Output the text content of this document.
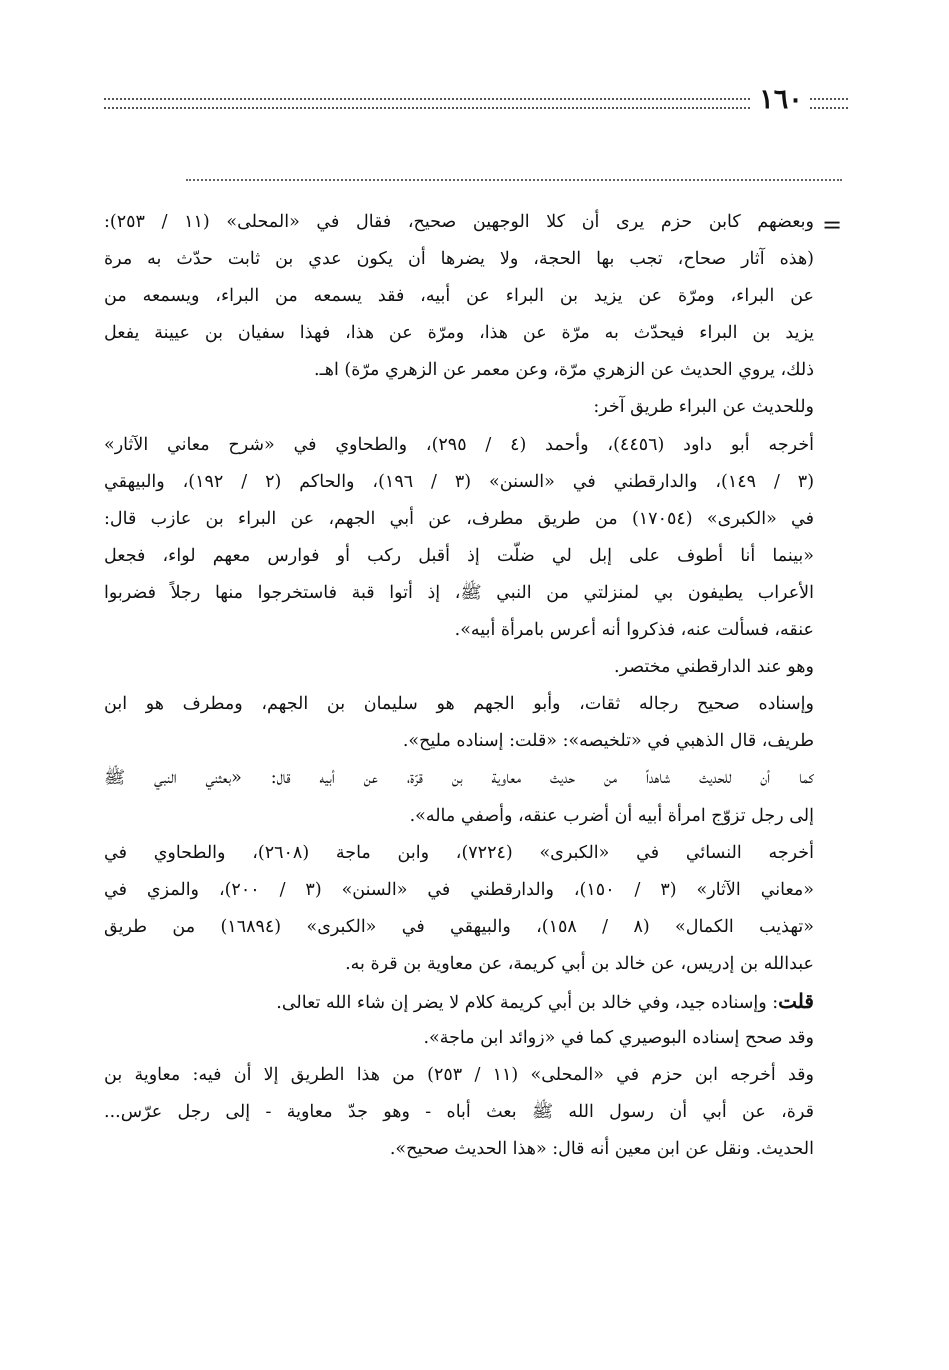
١٦٠
=
وبعضهم كابن حزم يرى أن كلا الوجهين صحيح، فقال في «المحلى» (١١ / ٢٥٣):
(هذه آثار صحاح، تجب بها الحجة، ولا يضرها أن يكون عدي بن ثابت حدّث به مرة
عن البراء، ومرّة عن يزيد بن البراء عن أبيه، فقد يسمعه من البراء، ويسمعه من
يزيد بن البراء فيحدّث به مرّة عن هذا، ومرّة عن هذا، فهذا سفيان بن عيينة يفعل
ذلك، يروي الحديث عن الزهري مرّة، وعن معمر عن الزهري مرّة) اهـ.
وللحديث عن البراء طريق آخر:
أخرجه أبو داود (٤٤٥٦)، وأحمد (٤ / ٢٩٥)، والطحاوي في «شرح معاني الآثار»
(٣ / ١٤٩)، والدارقطني في «السنن» (٣ / ١٩٦)، والحاكم (٢ / ١٩٢)، والبيهقي
في «الكبرى» (١٧٠٥٤) من طريق مطرف، عن أبي الجهم، عن البراء بن عازب قال:
«بينما أنا أطوف على إبل لي ضلّت إذ أقبل ركب أو فوارس معهم لواء، فجعل
الأعراب يطيفون بي لمنزلتي من النبي ﷺ، إذ أتوا قبة فاستخرجوا منها رجلاً فضربوا
عنقه، فسألت عنه، فذكروا أنه أعرس بامرأة أبيه».
وهو عند الدارقطني مختصر.
وإسناده صحيح رجاله ثقات، وأبو الجهم هو سليمان بن الجهم، ومطرف هو ابن
طريف، قال الذهبي في «تلخيصه»: «قلت: إسناده مليح».
كما أن للحديث شاهداً من حديث معاوية بن قرّة، عن أبيه قال: «بعثني النبي ﷺ
إلى رجل تزوّج امرأة أبيه أن أضرب عنقه، وأصفي ماله».
أخرجه النسائي في «الكبرى» (٧٢٢٤)، وابن ماجة (٢٦٠٨)، والطحاوي في
«معاني الآثار» (٣ / ١٥٠)، والدارقطني في «السنن» (٣ / ٢٠٠)، والمزي في
«تهذيب الكمال» (٨ / ١٥٨)، والبيهقي في «الكبرى» (١٦٨٩٤) من طريق
عبدالله بن إدريس، عن خالد بن أبي كريمة، عن معاوية بن قرة به.
قلت: وإسناده جيد، وفي خالد بن أبي كريمة كلام لا يضر إن شاء الله تعالى.
وقد صحح إسناده البوصيري كما في «زوائد ابن ماجة».
وقد أخرجه ابن حزم في «المحلى» (١١ / ٢٥٣) من هذا الطريق إلا أن فيه: معاوية بن
قرة، عن أبي أن رسول الله ﷺ بعث أباه - وهو جدّ معاوية - إلى رجل عرّس...
الحديث. ونقل عن ابن معين أنه قال: «هذا الحديث صحيح».
